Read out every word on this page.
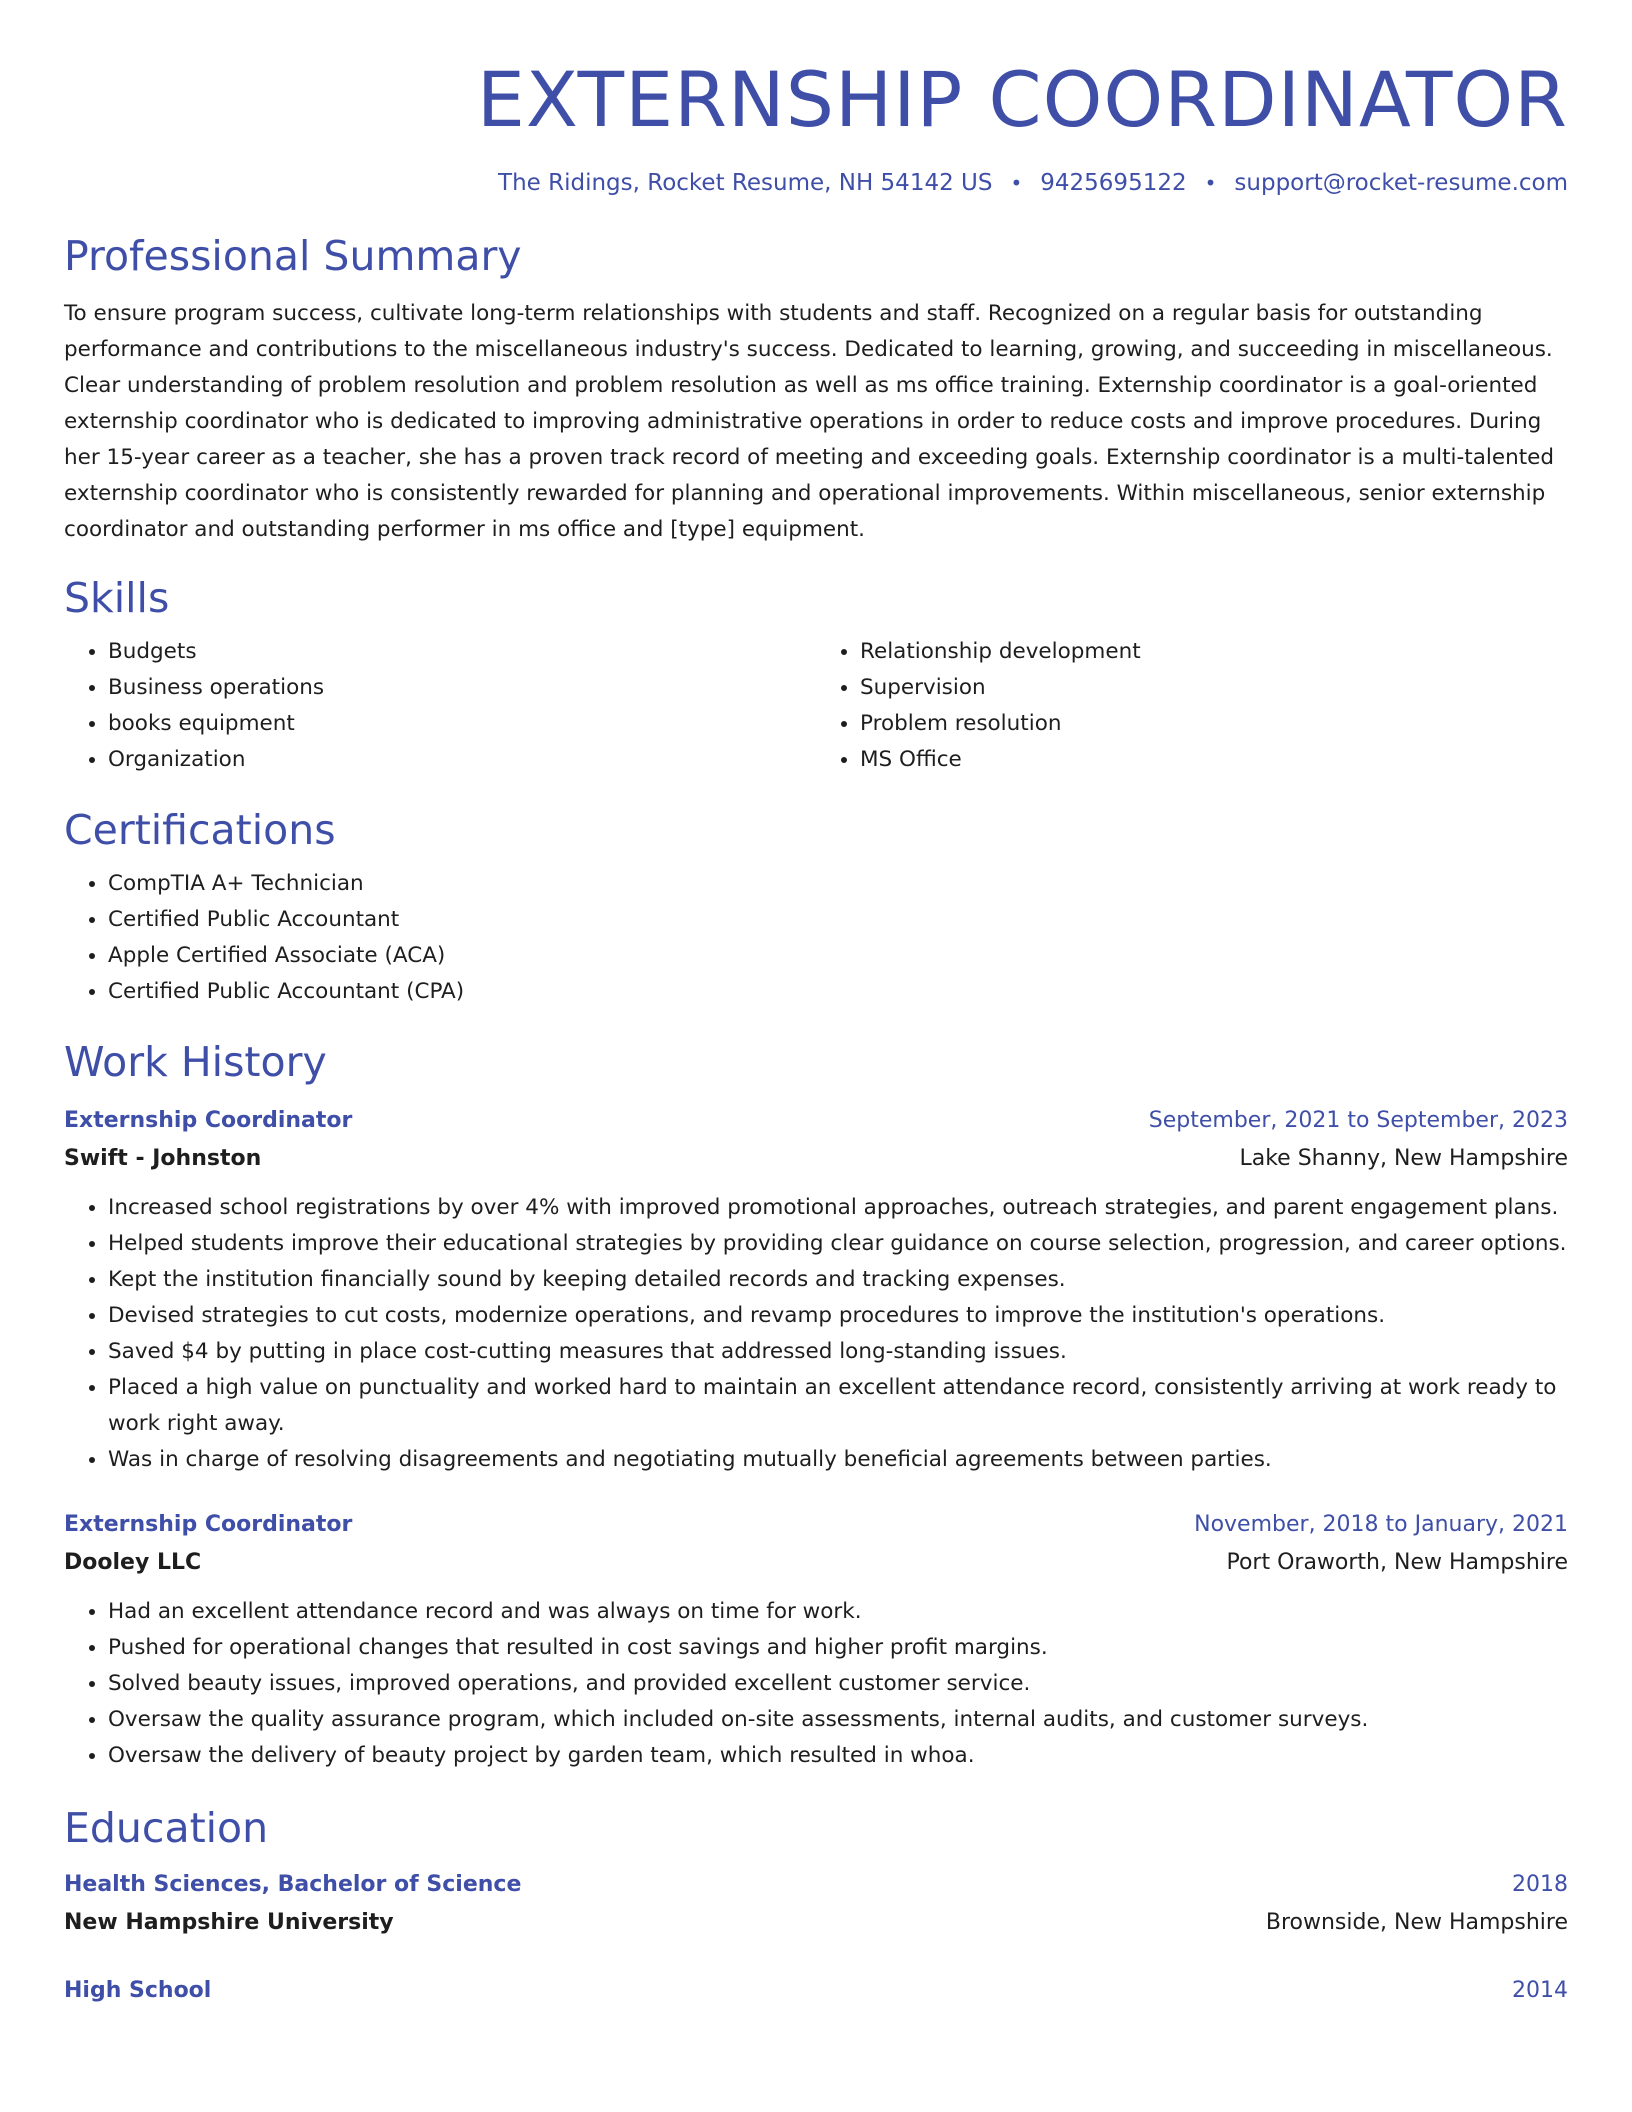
EXTERNSHIP COORDINATOR
The Ridings, Rocket Resume, NH 54142 US • 9425695122 • support@rocket-resume.com
Professional Summary

To ensure program success, cultivate long-term relationships with students and staff. Recognized on a regular basis for outstanding performance and contributions to the miscellaneous industry's success. Dedicated to learning, growing, and succeeding in miscellaneous. Clear understanding of problem resolution and problem resolution as well as ms office training. Externship coordinator is a goal-oriented externship coordinator who is dedicated to improving administrative operations in order to reduce costs and improve procedures. During her 15-year career as a teacher, she has a proven track record of meeting and exceeding goals. Externship coordinator is a multi-talented externship coordinator who is consistently rewarded for planning and operational improvements. Within miscellaneous, senior externship coordinator and outstanding performer in ms office and [type] equipment.

Skills
• Budgets
• Business operations
• books equipment
• Organization
• Relationship development
• Supervision
• Problem resolution
• MS Office
Certifications
• CompTIA A+ Technician
• Certified Public Accountant
• Apple Certified Associate (ACA)
• Certified Public Accountant (CPA)
Work History
Externship Coordinator	September, 2021 to September, 2023
Swift - Johnston	Lake Shanny, New Hampshire
• Increased school registrations by over 4% with improved promotional approaches, outreach strategies, and parent engagement plans.
• Helped students improve their educational strategies by providing clear guidance on course selection, progression, and career options.
• Kept the institution financially sound by keeping detailed records and tracking expenses.
• Devised strategies to cut costs, modernize operations, and revamp procedures to improve the institution's operations.
• Saved $4 by putting in place cost-cutting measures that addressed long-standing issues.
• Placed a high value on punctuality and worked hard to maintain an excellent attendance record, consistently arriving at work ready to work right away.
• Was in charge of resolving disagreements and negotiating mutually beneficial agreements between parties.
Externship Coordinator	November, 2018 to January, 2021
Dooley LLC	Port Oraworth, New Hampshire
• Had an excellent attendance record and was always on time for work.
• Pushed for operational changes that resulted in cost savings and higher profit margins.
• Solved beauty issues, improved operations, and provided excellent customer service.
• Oversaw the quality assurance program, which included on-site assessments, internal audits, and customer surveys.
• Oversaw the delivery of beauty project by garden team, which resulted in whoa.
Education
Health Sciences, Bachelor of Science	2018
New Hampshire University	Brownside, New Hampshire
High School	2014
